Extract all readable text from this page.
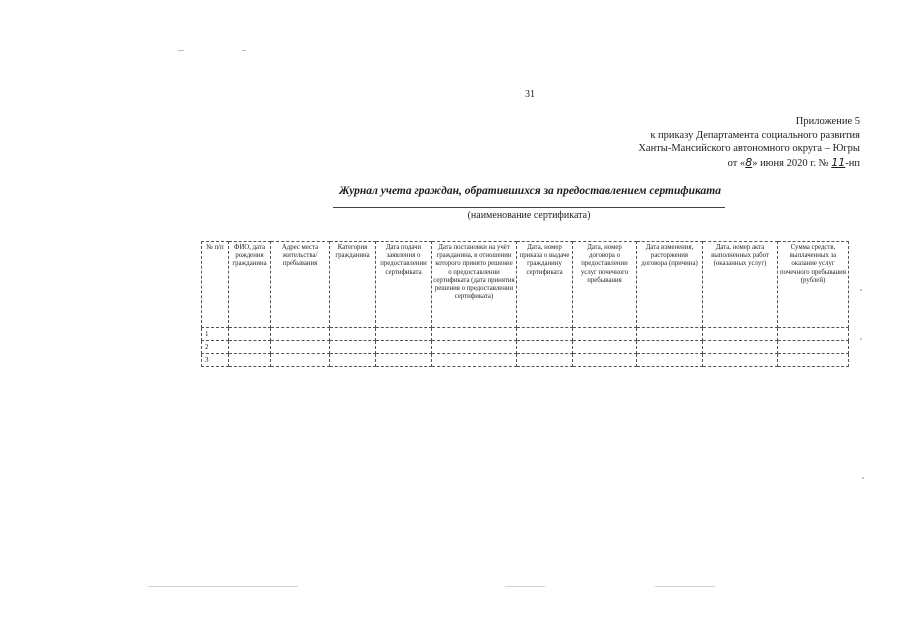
31
Приложение 5
к приказу Департамента социального развития
Ханты-Мансийского автономного округа – Югры
от «8» июня 2020 г. № 11-нп
Журнал учета граждан, обратившихся за предоставлением сертификата
(наименование сертификата)
№ п/п	ФИО, дата рождения гражданина	Адрес места жительства/ пребывания	Категория гражданина	Дата подачи заявления о предоставлении сертификата	Дата постановки на учёт гражданина, в отношении которого принято решение о предоставлении сертификата (дата принятия решения о предоставлении сертификата)	Дата, номер приказа о выдаче гражданину сертификата	Дата, номер договора о предоставлении услуг почечного пребывания	Дата изменения, расторжения договора (причина)	Дата, номер акта выполненных работ (оказанных услуг)	Сумма средств, выплаченных за оказание услуг почечного пребывания (рублей)
1										
2										
3										
